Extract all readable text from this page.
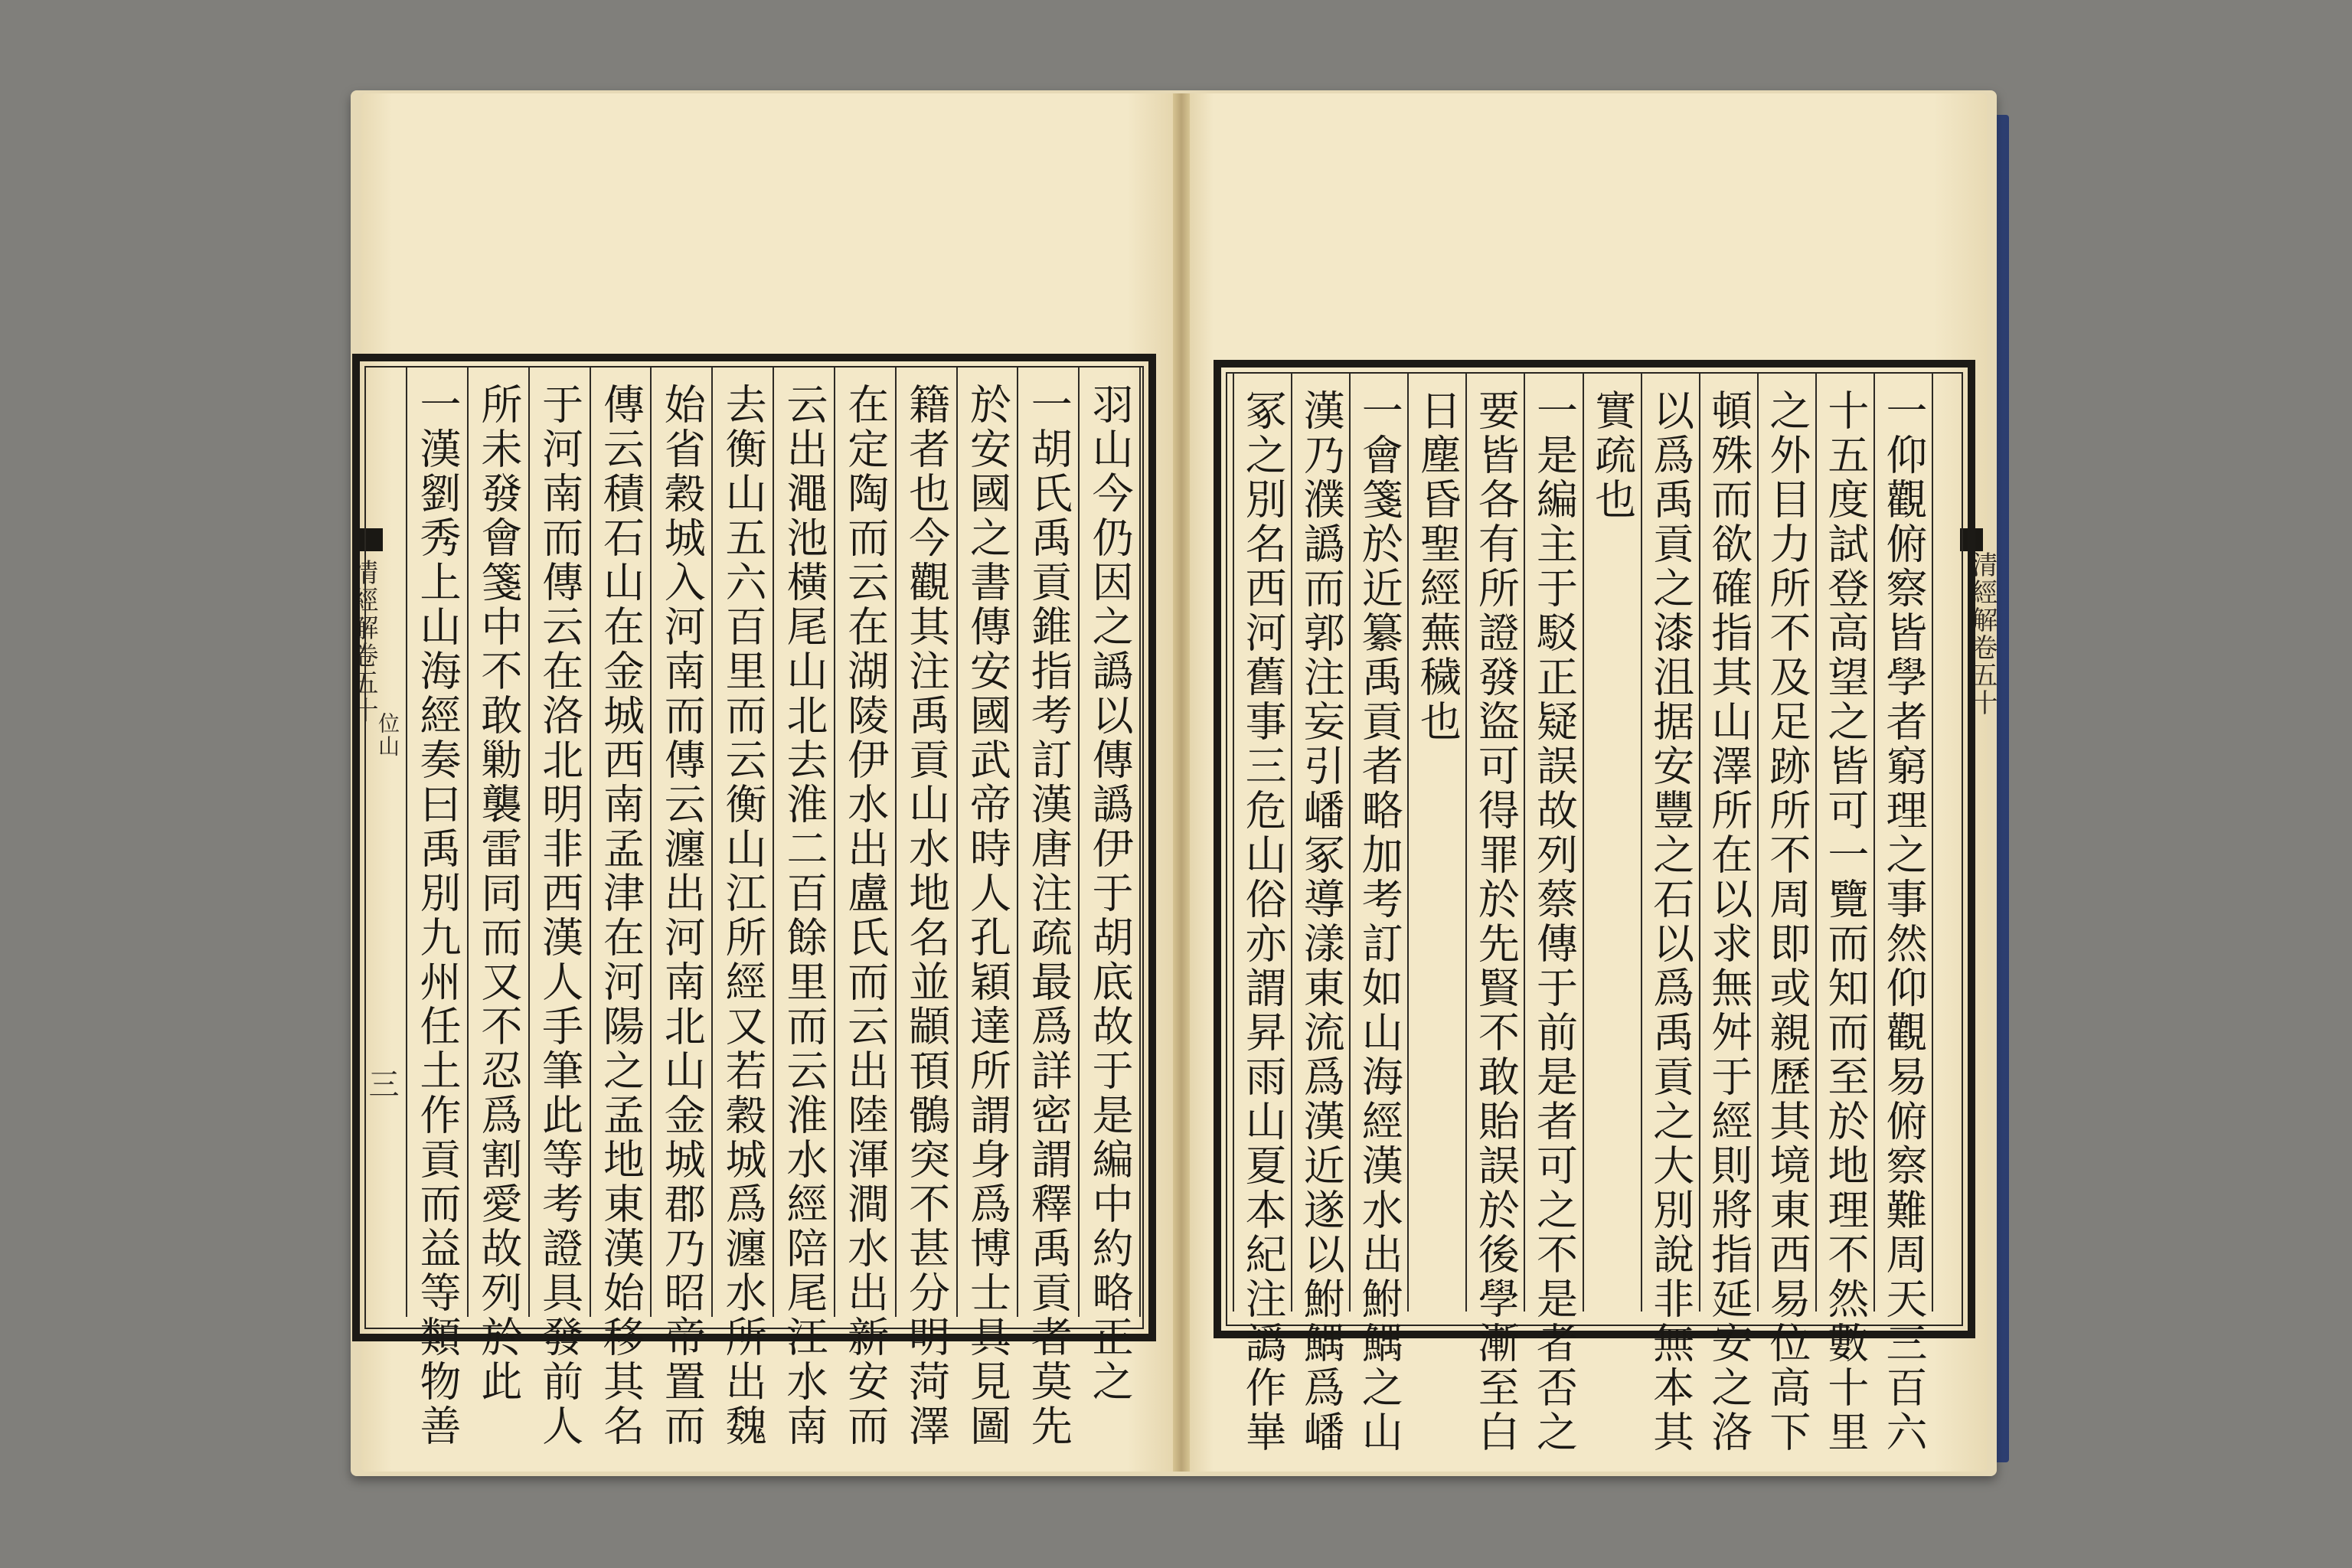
清經解卷五十
位山
三
清經解卷五十
羽山今仍因之譌以傳譌伊于胡底故于是編中約略正之
一胡氏禹貢錐指考訂漢唐注疏最爲詳密謂釋禹貢者莫先
於安國之書傳安國武帝時人孔穎達所謂身爲博士具見圖
籍者也今觀其注禹貢山水地名並顓頇鶻突不甚分明菏澤
在定陶而云在湖陵伊水出盧氏而云出陸渾澗水出新安而
云出澠池橫尾山北去淮二百餘里而云淮水經陪尾江水南
去衡山五六百里而云衡山江所經又若穀城爲瀍水所出魏
始省穀城入河南而傳云瀍出河南北山金城郡乃昭帝置而
傳云積石山在金城西南孟津在河陽之孟地東漢始移其名
于河南而傳云在洛北明非西漢人手筆此等考證具發前人
所未發會箋中不敢勦襲雷同而又不忍爲割愛故列於此
一漢劉秀上山海經奏曰禹別九州任土作貢而益等類物善	一仰觀俯察皆學者窮理之事然仰觀易俯察難周天三百六
十五度試登高望之皆可一覽而知而至於地理不然數十里
之外目力所不及足跡所不周即或親歷其境東西易位高下
頓殊而欲確指其山澤所在以求無舛于經則將指延安之洛
以爲禹貢之漆沮据安豐之石以爲禹貢之大別說非無本其
實疏也
一是編主于駁正疑誤故列蔡傳于前是者可之不是者否之
要皆各有所證發盜可得罪於先賢不敢貽誤於後學漸至白
日塵昏聖經蕪穢也
一會箋於近纂禹貢者略加考訂如山海經漢水出鮒鰅之山
漢乃濮譌而郭注妄引嶓冢導漾東流爲漢近遂以鮒鰅爲嶓
冢之別名西河舊事三危山俗亦謂昇雨山夏本紀注譌作崋
